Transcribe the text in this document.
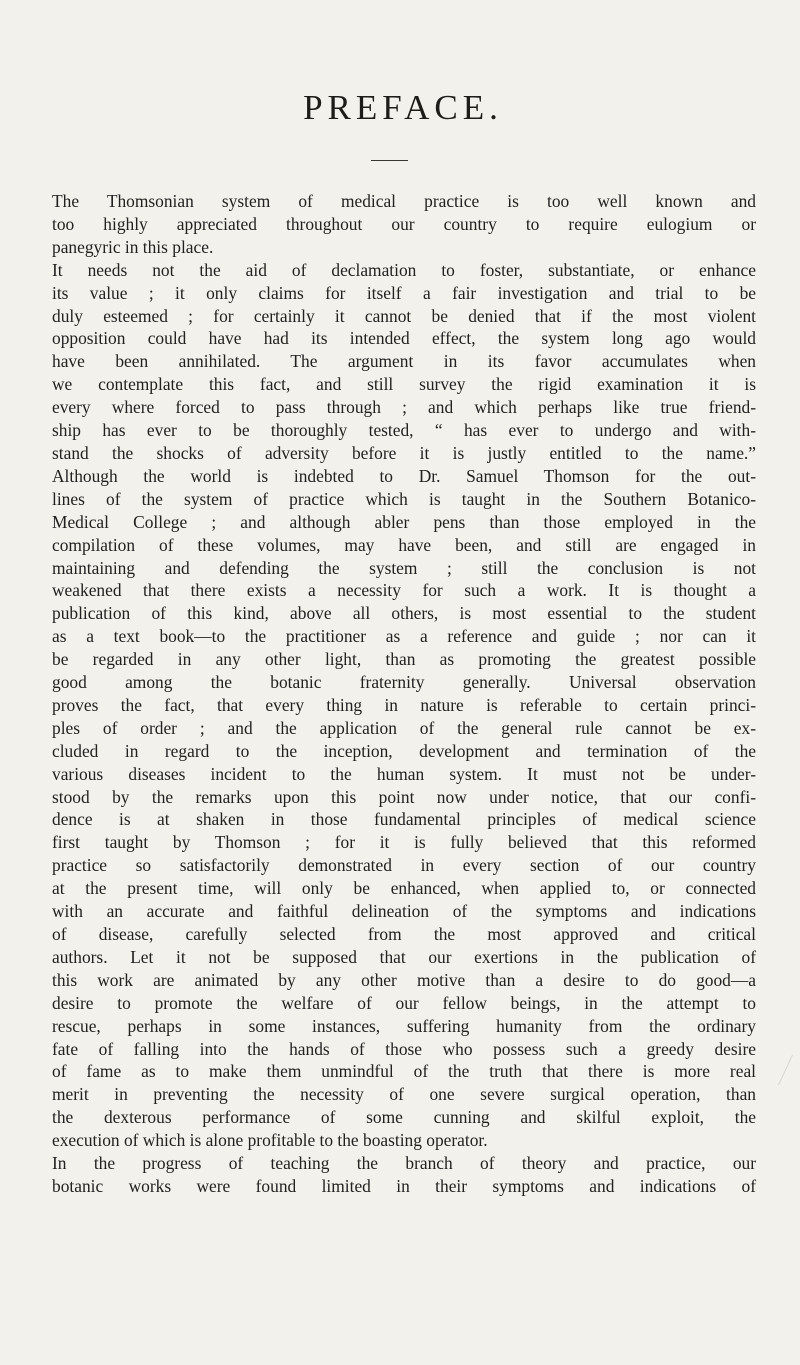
PREFACE.

The Thomsonian system of medical practice is too well known and
too highly appreciated throughout our country to require eulogium or
panegyric in this place.

It needs not the aid of declamation to foster, substantiate, or enhance
its value ; it only claims for itself a fair investigation and trial to be
duly esteemed ; for certainly it cannot be denied that if the most violent
opposition could have had its intended effect, the system long ago would
have been annihilated. The argument in its favor accumulates when
we contemplate this fact, and still survey the rigid examination it is
every where forced to pass through ; and which perhaps like true friend-
ship has ever to be thoroughly tested, “ has ever to undergo and with-
stand the shocks of adversity before it is justly entitled to the name.”
Although the world is indebted to Dr. Samuel Thomson for the out-
lines of the system of practice which is taught in the Southern Botanico-
Medical College ; and although abler pens than those employed in the
compilation of these volumes, may have been, and still are engaged in
maintaining and defending the system ; still the conclusion is not
weakened that there exists a necessity for such a work. It is thought a
publication of this kind, above all others, is most essential to the student
as a text book—to the practitioner as a reference and guide ; nor can it
be regarded in any other light, than as promoting the greatest possible
good among the botanic fraternity generally. Universal observation
proves the fact, that every thing in nature is referable to certain princi-
ples of order ; and the application of the general rule cannot be ex-
cluded in regard to the inception, development and termination of the
various diseases incident to the human system. It must not be under-
stood by the remarks upon this point now under notice, that our confi-
dence is at shaken in those fundamental principles of medical science
first taught by Thomson ; for it is fully believed that this reformed
practice so satisfactorily demonstrated in every section of our country
at the present time, will only be enhanced, when applied to, or connected
with an accurate and faithful delineation of the symptoms and indications
of disease, carefully selected from the most approved and critical
authors. Let it not be supposed that our exertions in the publication of
this work are animated by any other motive than a desire to do good—a
desire to promote the welfare of our fellow beings, in the attempt to
rescue, perhaps in some instances, suffering humanity from the ordinary
fate of falling into the hands of those who possess such a greedy desire
of fame as to make them unmindful of the truth that there is more real
merit in preventing the necessity of one severe surgical operation, than
the dexterous performance of some cunning and skilful exploit, the
execution of which is alone profitable to the boasting operator.

In the progress of teaching the branch of theory and practice, our
botanic works were found limited in their symptoms and indications of
